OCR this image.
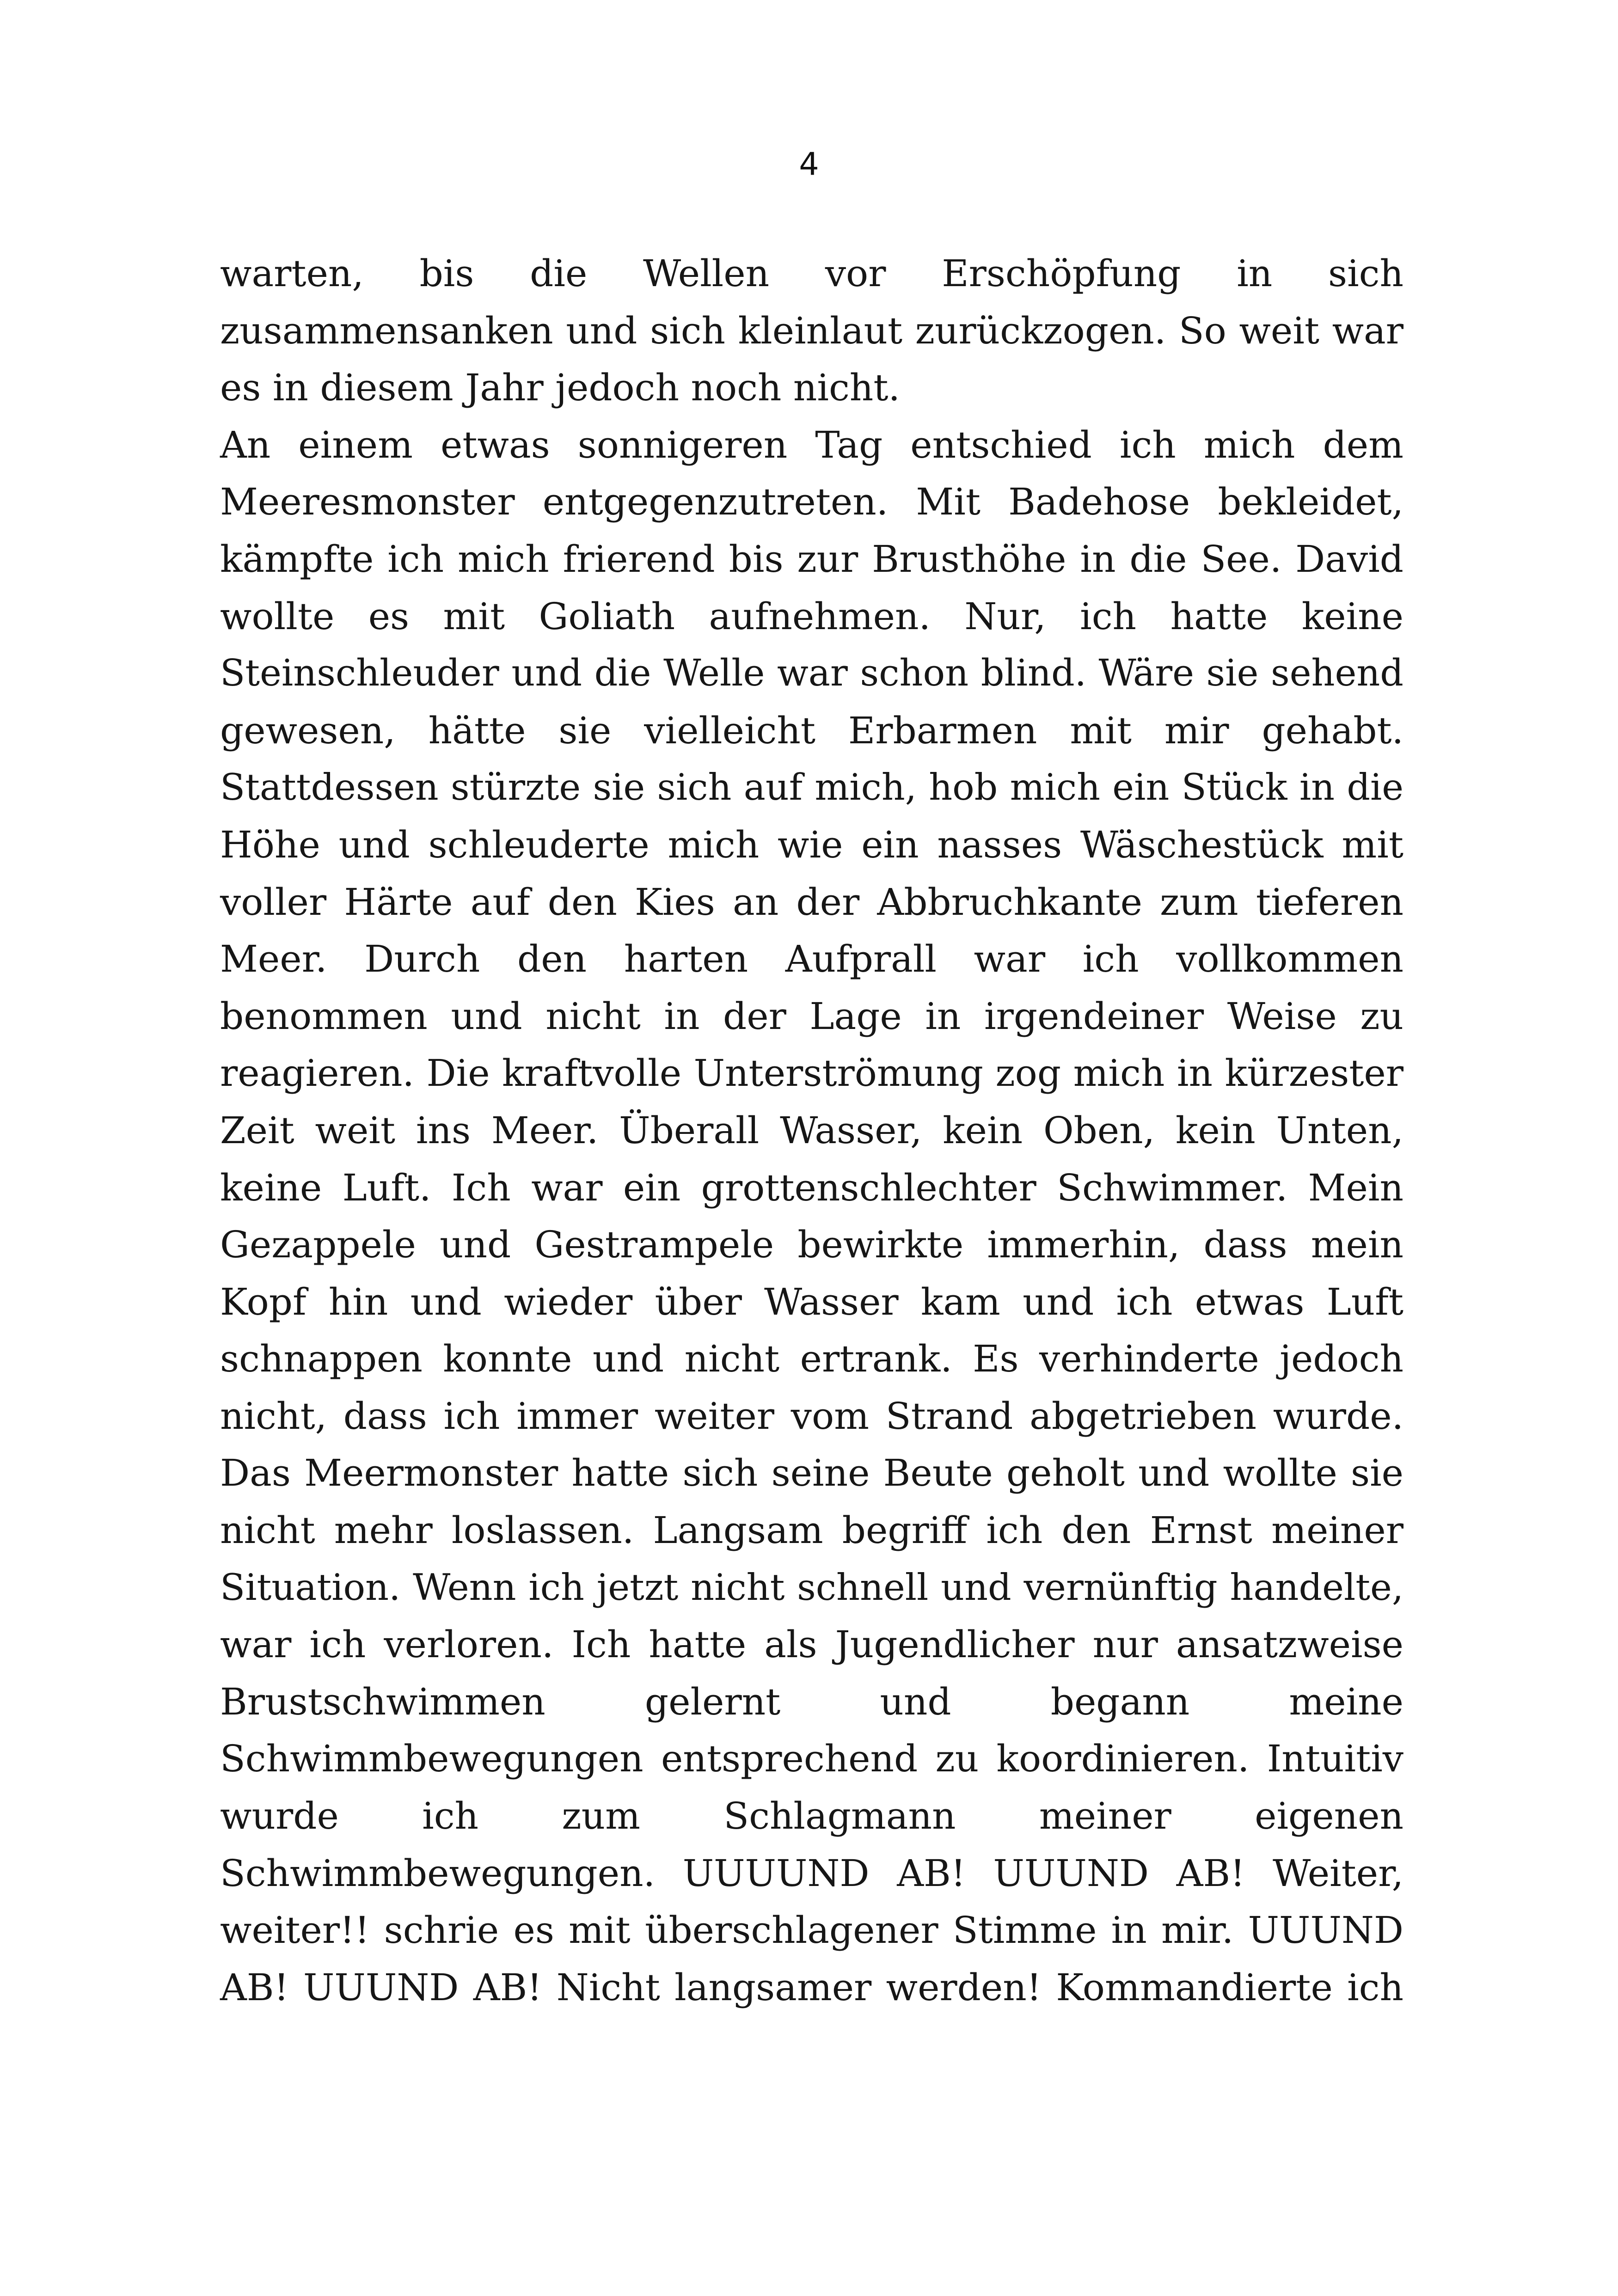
4
warten, bis die Wellen vor Erschöpfung in sich
zusammensanken und sich kleinlaut zurückzogen. So weit war
es in diesem Jahr jedoch noch nicht.
An einem etwas sonnigeren Tag entschied ich mich dem
Meeresmonster entgegenzutreten. Mit Badehose bekleidet,
kämpfte ich mich frierend bis zur Brusthöhe in die See. David
wollte es mit Goliath aufnehmen. Nur, ich hatte keine
Steinschleuder und die Welle war schon blind. Wäre sie sehend
gewesen, hätte sie vielleicht Erbarmen mit mir gehabt.
Stattdessen stürzte sie sich auf mich, hob mich ein Stück in die
Höhe und schleuderte mich wie ein nasses Wäschestück mit
voller Härte auf den Kies an der Abbruchkante zum tieferen
Meer. Durch den harten Aufprall war ich vollkommen
benommen und nicht in der Lage in irgendeiner Weise zu
reagieren. Die kraftvolle Unterströmung zog mich in kürzester
Zeit weit ins Meer. Überall Wasser, kein Oben, kein Unten,
keine Luft. Ich war ein grottenschlechter Schwimmer. Mein
Gezappele und Gestrampele bewirkte immerhin, dass mein
Kopf hin und wieder über Wasser kam und ich etwas Luft
schnappen konnte und nicht ertrank. Es verhinderte jedoch
nicht, dass ich immer weiter vom Strand abgetrieben wurde.
Das Meermonster hatte sich seine Beute geholt und wollte sie
nicht mehr loslassen. Langsam begriff ich den Ernst meiner
Situation. Wenn ich jetzt nicht schnell und vernünftig handelte,
war ich verloren. Ich hatte als Jugendlicher nur ansatzweise
Brustschwimmen gelernt und begann meine
Schwimmbewegungen entsprechend zu koordinieren. Intuitiv
wurde ich zum Schlagmann meiner eigenen
Schwimmbewegungen. UUUUND AB! UUUND AB! Weiter,
weiter!! schrie es mit überschlagener Stimme in mir. UUUND
AB! UUUND AB! Nicht langsamer werden! Kommandierte ich
